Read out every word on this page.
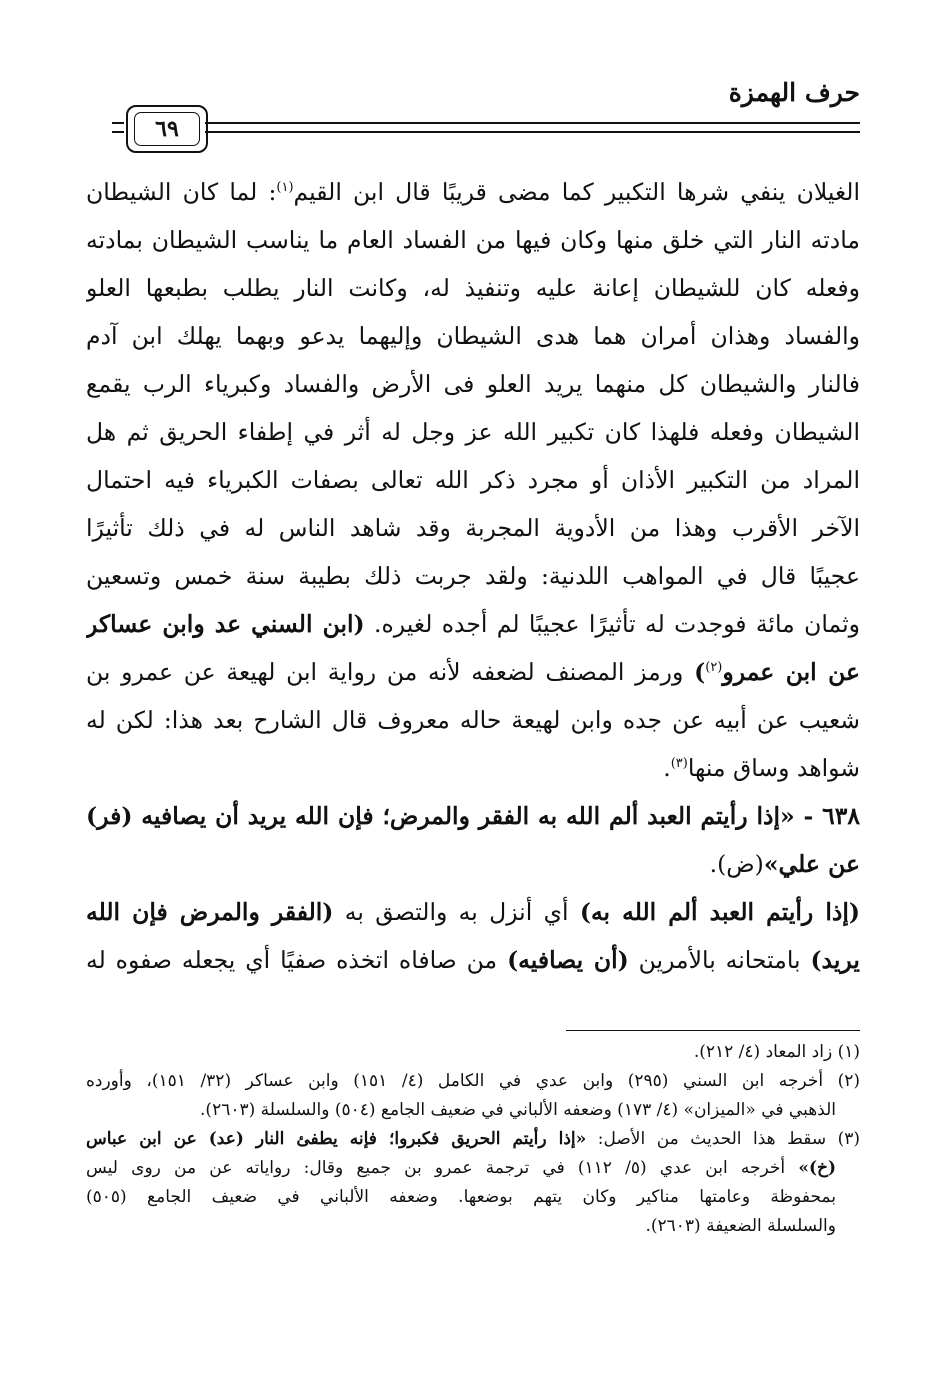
حرف الهمزة
٦٩
الغيلان ينفي شرها التكبير كما مضى قريبًا قال ابن القيم$^{(١)}$: لما كان الشيطان
مادته النار التي خلق منها وكان فيها من الفساد العام ما يناسب الشيطان بمادته
وفعله كان للشيطان إعانة عليه وتنفيذ له، وكانت النار يطلب بطبعها العلو
والفساد وهذان أمران هما هدى الشيطان وإليهما يدعو وبهما يهلك ابن آدم
فالنار والشيطان كل منهما يريد العلو فى الأرض والفساد وكبرياء الرب يقمع
الشيطان وفعله فلهذا كان تكبير الله عز وجل له أثر في إطفاء الحريق ثم هل
المراد من التكبير الأذان أو مجرد ذكر الله تعالى بصفات الكبرياء فيه احتمال
الآخر الأقرب وهذا من الأدوية المجربة وقد شاهد الناس له في ذلك تأثيرًا
عجيبًا قال في المواهب اللدنية: ولقد جربت ذلك بطيبة سنة خمس وتسعين
وثمان مائة فوجدت له تأثيرًا عجيبًا لم أجده لغيره. (ابن السني عد وابن عساكر
عن ابن عمرو$^{(٢)}$) ورمز المصنف لضعفه لأنه من رواية ابن لهيعة عن عمرو بن
شعيب عن أبيه عن جده وابن لهيعة حاله معروف قال الشارح بعد هذا: لكن له
شواهد وساق منها$^{(٣)}$.
٦٣٨ - «إذا رأيتم العبد ألم الله به الفقر والمرض؛ فإن الله يريد أن يصافيه (فر)
عن علي»(ض).
(إذا رأيتم العبد ألم الله به) أي أنزل به والتصق به (الفقر والمرض فإن الله
يريد) بامتحانه بالأمرين (أن يصافيه) من صافاه اتخذه صفيًا أي يجعله صفوه له
(١) زاد المعاد (٤/ ٢١٢).
(٢) أخرجه ابن السني (٢٩٥) وابن عدي في الكامل (٤/ ١٥١) وابن عساكر (٣٢/ ١٥١)، وأورده
الذهبي في «الميزان» (٤/ ١٧٣) وضعفه الألباني في ضعيف الجامع (٥٠٤) والسلسلة (٢٦٠٣).
(٣) سقط هذا الحديث من الأصل: «إذا رأيتم الحريق فكبروا؛ فإنه يطفئ النار (عد) عن ابن عباس
(خ)» أخرجه ابن عدي (٥/ ١١٢) في ترجمة عمرو بن جميع وقال: رواياته عن من روى ليس
بمحفوظة وعامتها مناكير وكان يتهم بوضعها. وضعفه الألباني في ضعيف الجامع (٥٠٥)
والسلسلة الضعيفة (٢٦٠٣).
